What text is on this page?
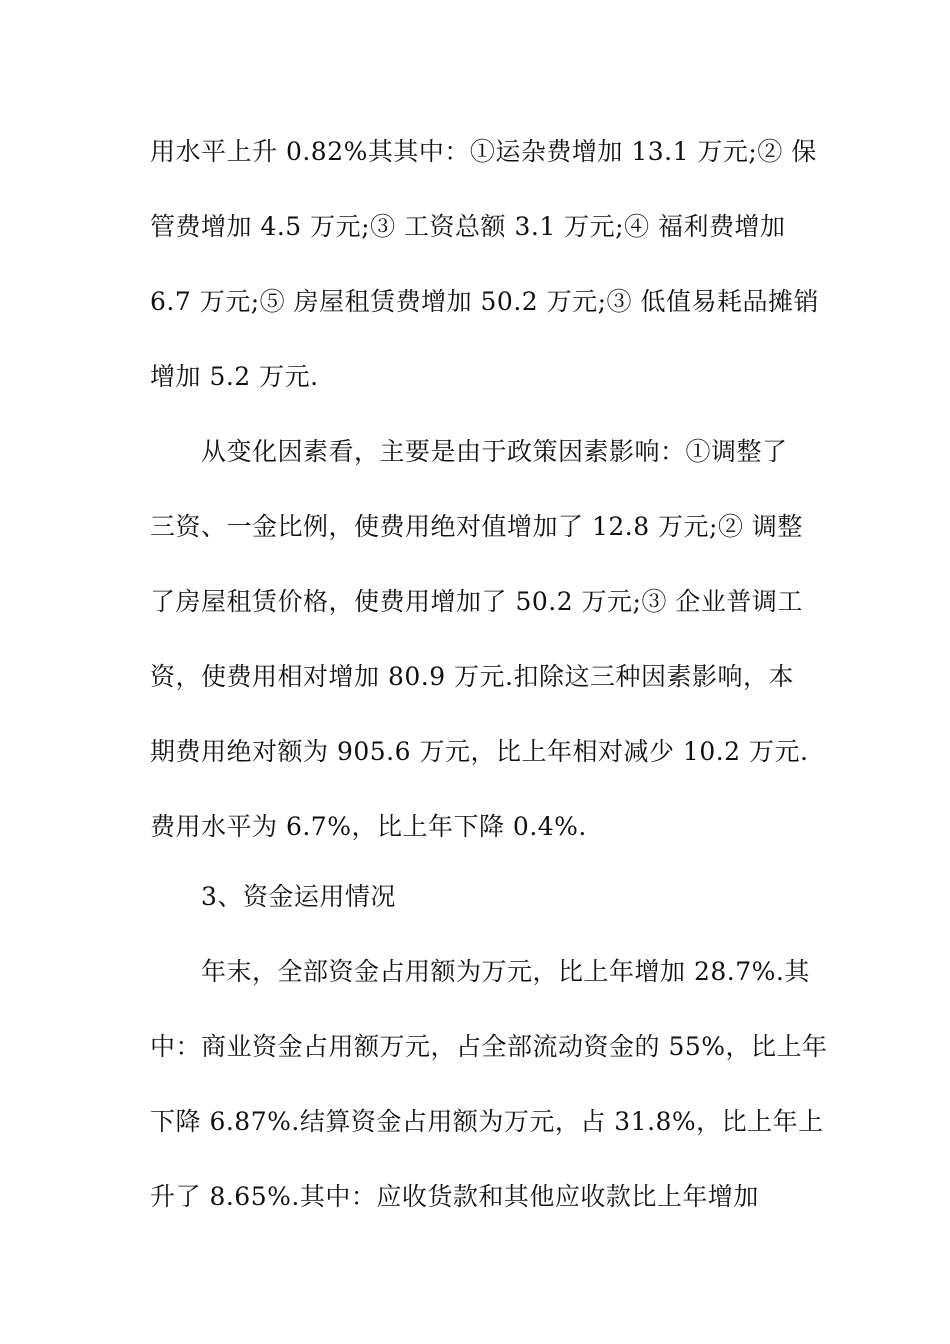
用水平上升 0.82%其其中：①运杂费增加 13.1 万元;② 保
管费增加 4.5 万元;③ 工资总额 3.1 万元;④ 福利费增加
6.7 万元;⑤ 房屋租赁费增加 50.2 万元;③ 低值易耗品摊销
增加 5.2 万元.
从变化因素看，主要是由于政策因素影响：①调整了
三资、一金比例，使费用绝对值增加了 12.8 万元;② 调整
了房屋租赁价格，使费用增加了 50.2 万元;③ 企业普调工
资，使费用相对增加 80.9 万元.扣除这三种因素影响，本
期费用绝对额为 905.6 万元，比上年相对减少 10.2 万元.
费用水平为 6.7%，比上年下降 0.4%.
3、资金运用情况
年末，全部资金占用额为万元，比上年增加 28.7%.其
中：商业资金占用额万元，占全部流动资金的 55%，比上年
下降 6.87%.结算资金占用额为万元，占 31.8%，比上年上
升了 8.65%.其中：应收货款和其他应收款比上年增加
